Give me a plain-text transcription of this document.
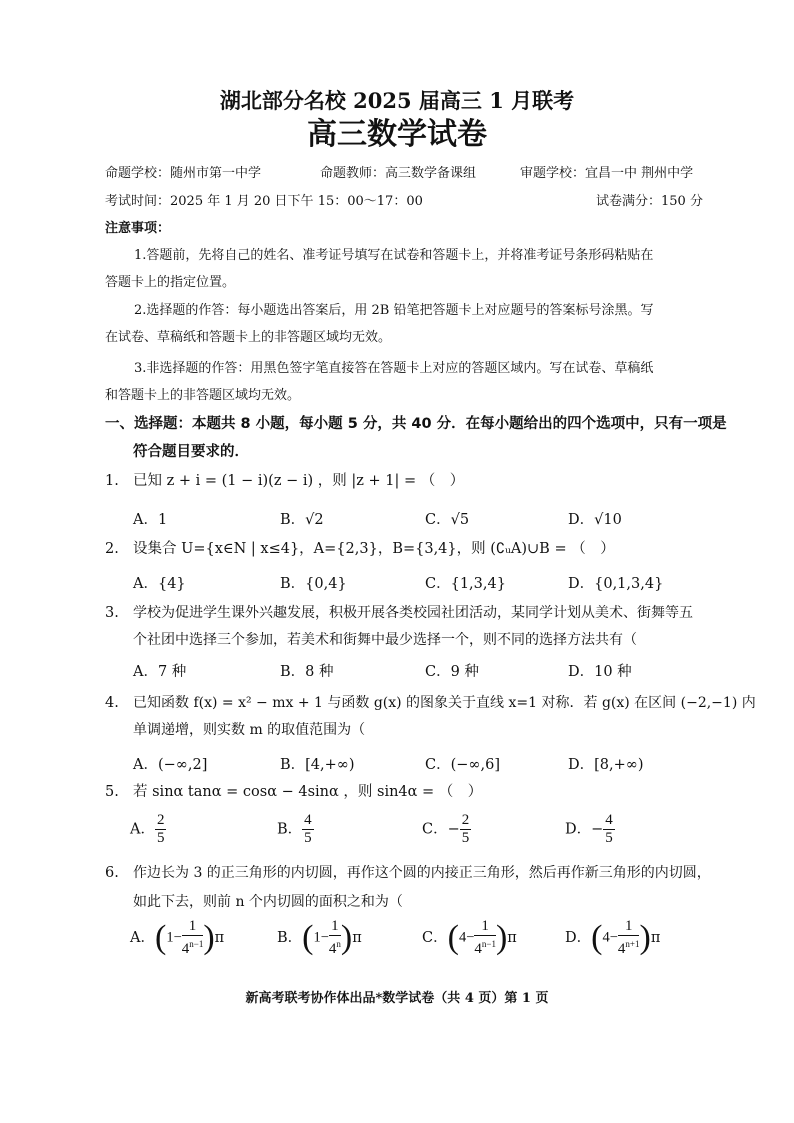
湖北部分名校 2025 届高三 1 月联考
高三数学试卷
命题学校：随州市第一中学	命题教师：高三数学备课组	审题学校：宜昌一中 荆州中学
考试时间：2025 年 1 月 20 日下午 15：00～17：00	试卷满分：150 分
注意事项：
1.答题前，先将自己的姓名、准考证号填写在试卷和答题卡上，并将准考证号条形码粘贴在
答题卡上的指定位置。
2.选择题的作答：每小题选出答案后，用 2B 铅笔把答题卡上对应题号的答案标号涂黑。写
在试卷、草稿纸和答题卡上的非答题区域均无效。
3.非选择题的作答：用黑色签字笔直接答在答题卡上对应的答题区域内。写在试卷、草稿纸
和答题卡上的非答题区域均无效。
一、选择题：本题共 8 小题，每小题 5 分，共 40 分．在每小题给出的四个选项中，只有一项是
符合题目要求的．
1. 已知 z + i = (1 − i)(z − i) ，则 |z + 1| = （　）
A．1	B．√2	C．√5	D．√10
2. 设集合 U={x∈N | x≤4}，A={2,3}，B={3,4}，则 (∁ᵤA)∪B = （　）
A．{4}	B．{0,4}	C．{1,3,4}	D．{0,1,3,4}
3. 学校为促进学生课外兴趣发展，积极开展各类校园社团活动，某同学计划从美术、街舞等五
个社团中选择三个参加，若美术和街舞中最少选择一个，则不同的选择方法共有（
A．7 种	B．8 种	C．9 种	D．10 种
4. 已知函数 f(x) = x² − mx + 1 与函数 g(x) 的图象关于直线 x=1 对称．若 g(x) 在区间 (−2,−1) 内
单调递增，则实数 m 的取值范围为（
A．(−∞,2]	B．[4,+∞)	C．(−∞,6]	D．[8,+∞)
5. 若 sinα tanα = cosα − 4sinα ，则 sin4α = （　）
A． $\frac{2}{5}$	B． $\frac{4}{5}$	C．− $\frac{2}{5}$	D．− $\frac{4}{5}$
6. 作边长为 3 的正三角形的内切圆，再作这个圆的内接正三角形，然后再作新三角形的内切圆，
如此下去，则前 n 个内切圆的面积之和为（
A．$(1- \frac{1}{4^{n-1}} )\pi$	B．$(1- \frac{1}{4^n} )\pi$	C．$(4- \frac{1}{4^{n-1}} )\pi$	D．$(4- \frac{1}{4^{n+1}} )\pi$
新高考联考协作体出品*数学试卷（共 4 页）第 1 页
